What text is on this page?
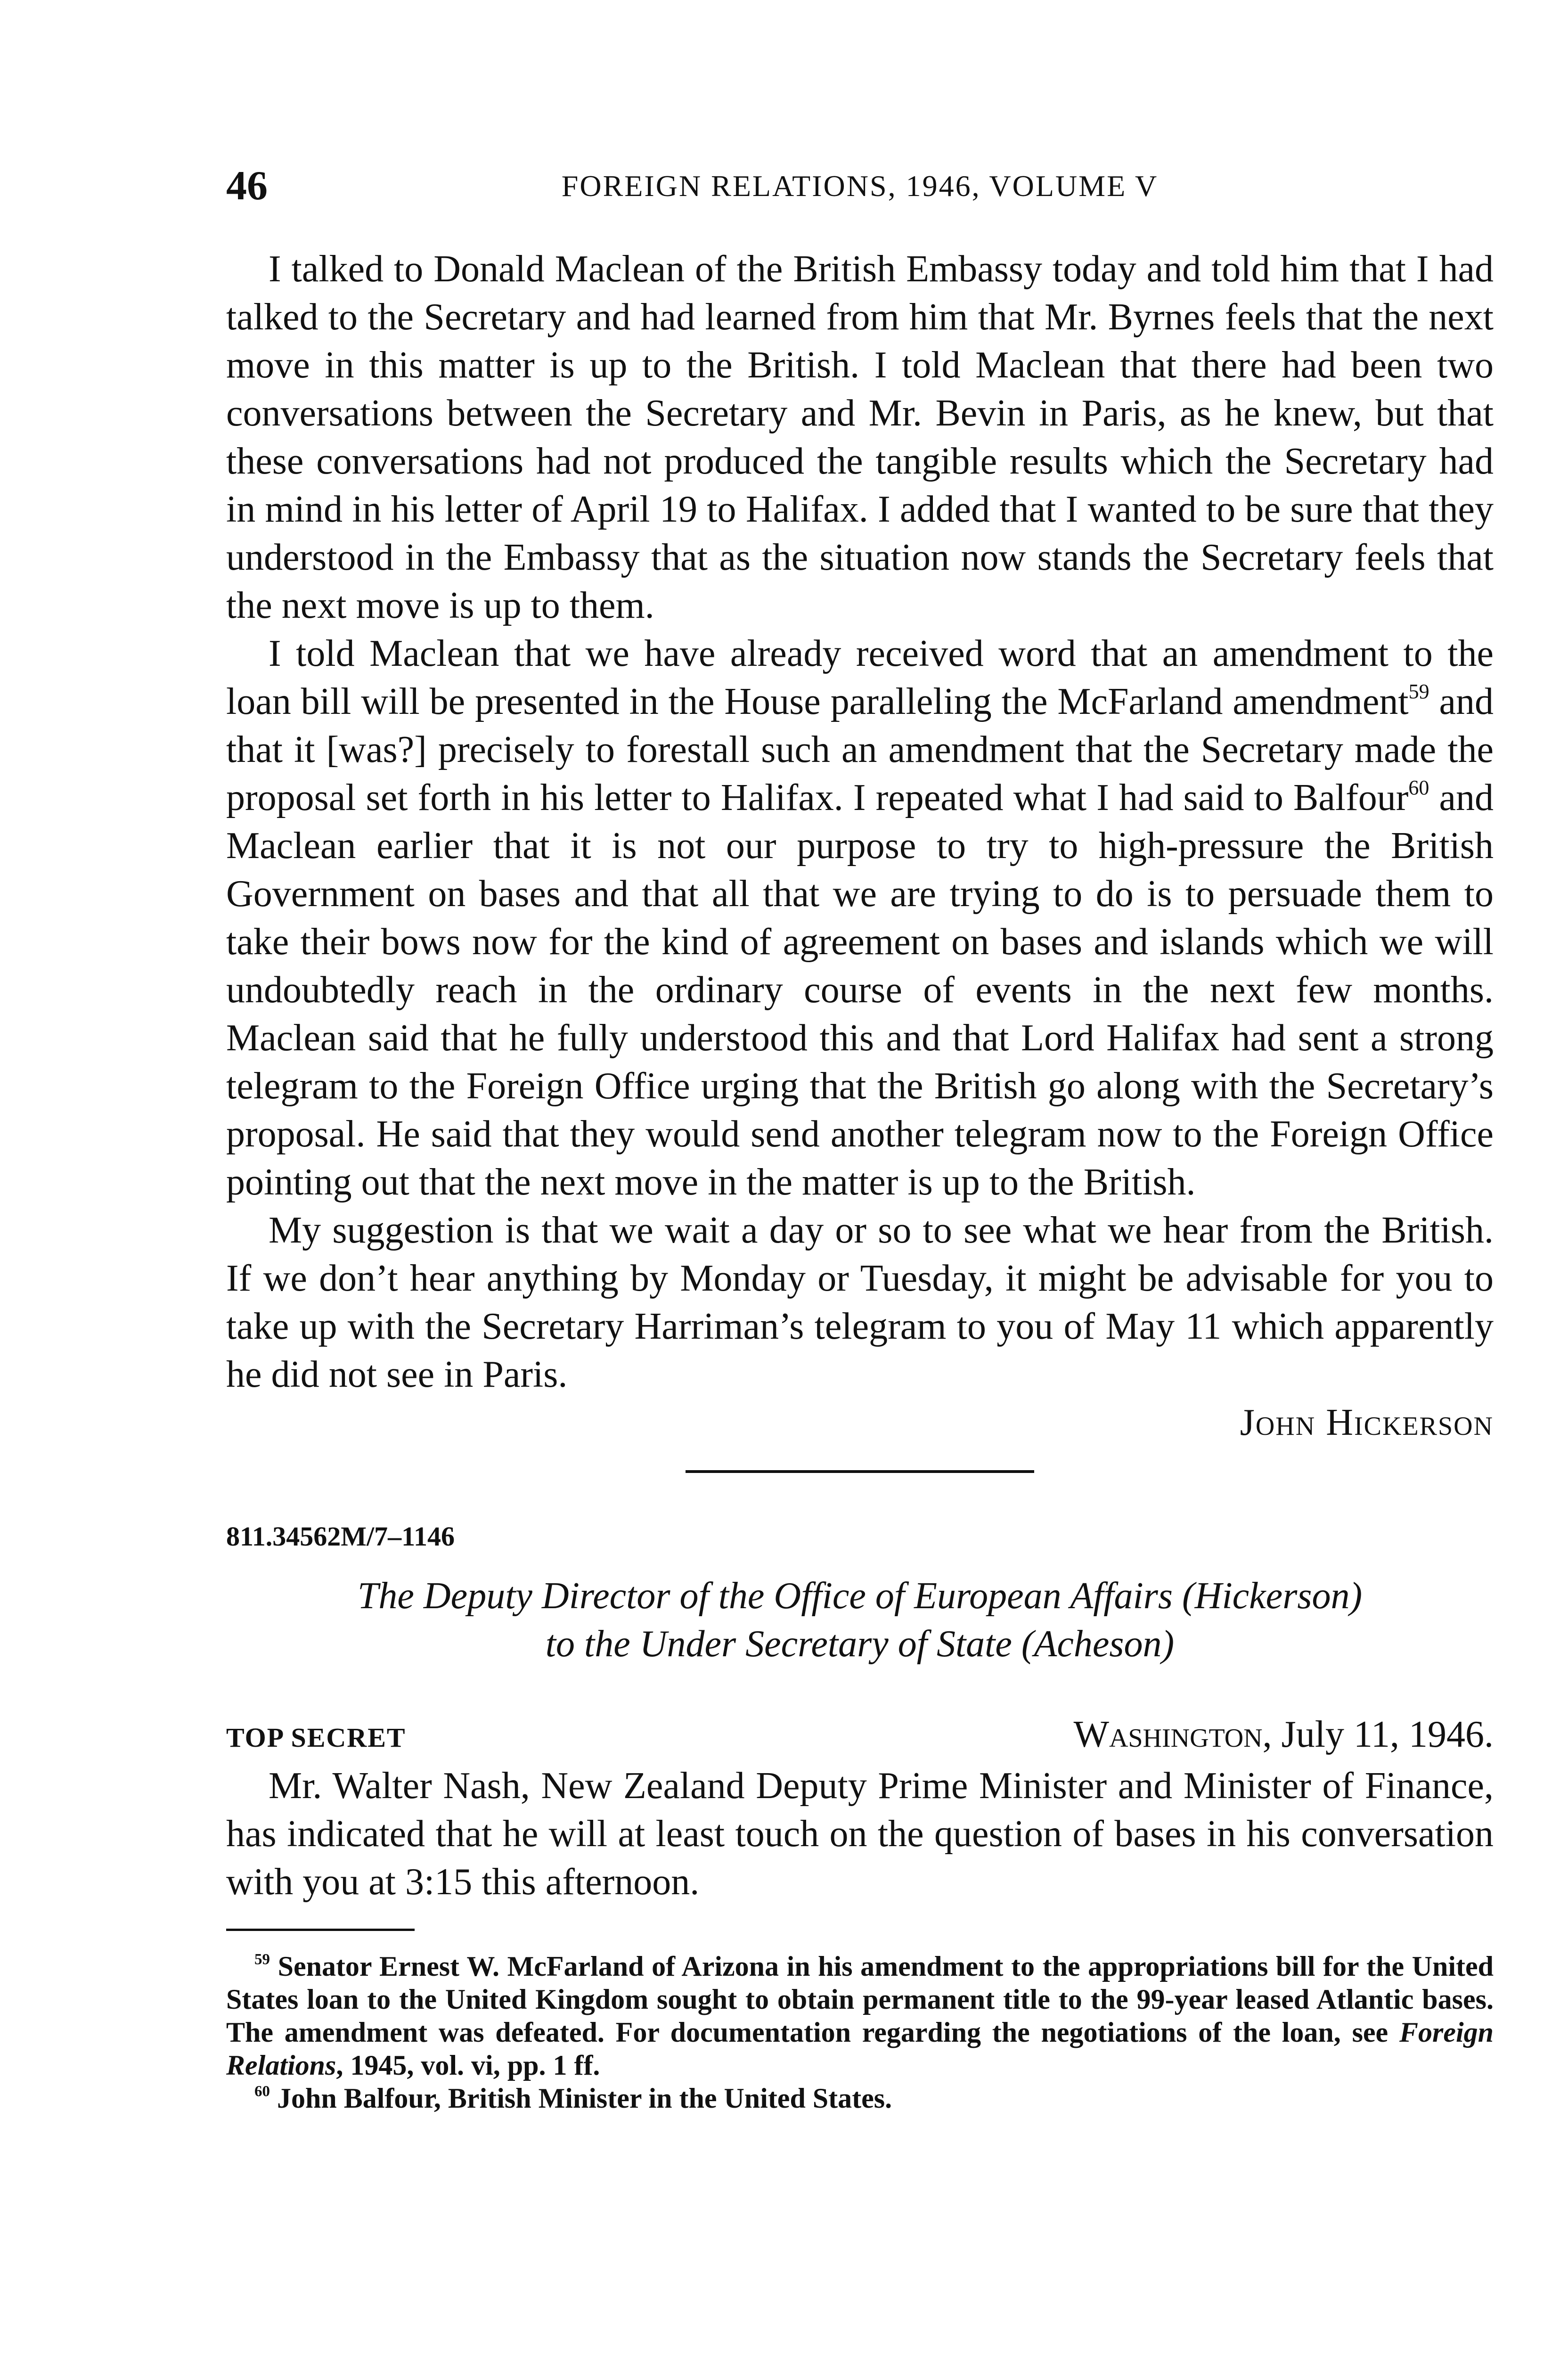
46	FOREIGN RELATIONS, 1946, VOLUME V

I talked to Donald Maclean of the British Embassy today and told him that I had talked to the Secretary and had learned from him that Mr. Byrnes feels that the next move in this matter is up to the British. I told Maclean that there had been two conversations between the Secretary and Mr. Bevin in Paris, as he knew, but that these conversations had not produced the tangible results which the Secretary had in mind in his letter of April 19 to Halifax. I added that I wanted to be sure that they understood in the Embassy that as the situation now stands the Secretary feels that the next move is up to them.

I told Maclean that we have already received word that an amendment to the loan bill will be presented in the House paralleling the McFarland amendment$^{59}$ and that it [was?] precisely to forestall such an amendment that the Secretary made the proposal set forth in his letter to Halifax. I repeated what I had said to Balfour$^{60}$ and Maclean earlier that it is not our purpose to try to high-pressure the British Government on bases and that all that we are trying to do is to persuade them to take their bows now for the kind of agreement on bases and islands which we will undoubtedly reach in the ordinary course of events in the next few months. Maclean said that he fully understood this and that Lord Halifax had sent a strong telegram to the Foreign Office urging that the British go along with the Secretary’s proposal. He said that they would send another telegram now to the Foreign Office pointing out that the next move in the matter is up to the British.

My suggestion is that we wait a day or so to see what we hear from the British. If we don’t hear anything by Monday or Tuesday, it might be advisable for you to take up with the Secretary Harriman’s telegram to you of May 11 which apparently he did not see in Paris.

John Hickerson
811.34562M/7–1146
The Deputy Director of the Office of European Affairs (Hickerson)
to the Under Secretary of State (Acheson)
TOP SECRET	Washington, July 11, 1946.

Mr. Walter Nash, New Zealand Deputy Prime Minister and Minister of Finance, has indicated that he will at least touch on the question of bases in his conversation with you at 3:15 this afternoon.

$^{59}$ Senator Ernest W. McFarland of Arizona in his amendment to the appropriations bill for the United States loan to the United Kingdom sought to obtain permanent title to the 99-year leased Atlantic bases. The amendment was defeated. For documentation regarding the negotiations of the loan, see Foreign Relations, 1945, vol. vi, pp. 1 ff.

$^{60}$ John Balfour, British Minister in the United States.
